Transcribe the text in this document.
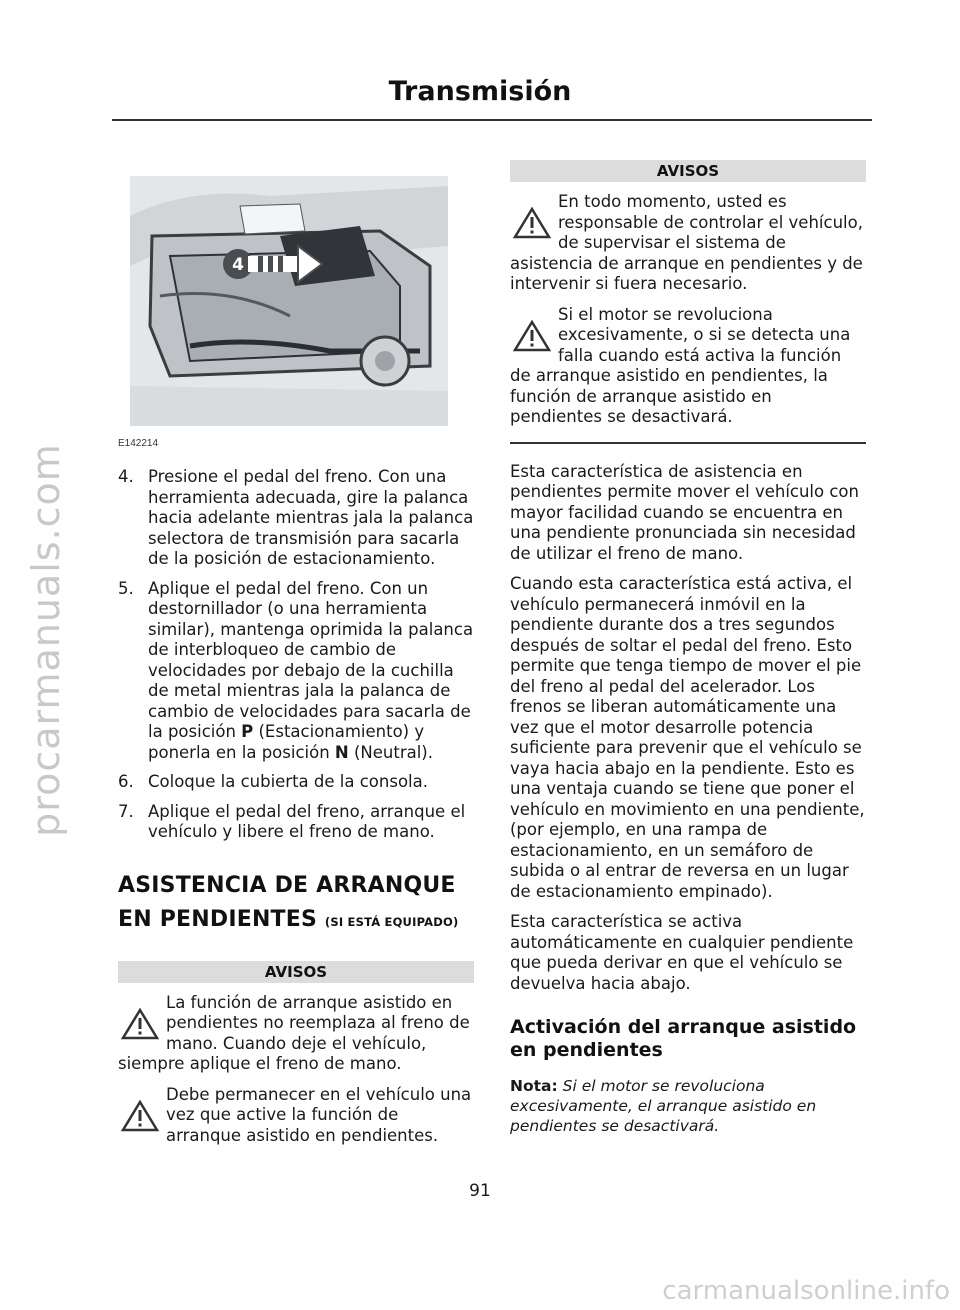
procarmanuals.com
carmanualsonline.info
Transmisión
4
E142214
4. Presione el pedal del freno. Con una herramienta adecuada, gire la palanca hacia adelante mientras jala la palanca selectora de transmisión para sacarla de la posición de estacionamiento.
5. Aplique el pedal del freno. Con un destornillador (o una herramienta similar), mantenga oprimida la palanca de interbloqueo de cambio de velocidades por debajo de la cuchilla de metal mientras jala la palanca de cambio de velocidades para sacarla de la posición P (Estacionamiento) y ponerla en la posición N (Neutral).
6. Coloque la cubierta de la consola.
7. Aplique el pedal del freno, arranque el vehículo y libere el freno de mano.
ASISTENCIA DE ARRANQUE
EN PENDIENTES (SI ESTÁ EQUIPADO)
AVISOS
La función de arranque asistido en pendientes no reemplaza al freno de mano. Cuando deje el vehículo,
siempre aplique el freno de mano.
Debe permanecer en el vehículo una vez que active la función de arranque asistido en pendientes.
AVISOS
En todo momento, usted es responsable de controlar el vehículo, de supervisar el sistema de
asistencia de arranque en pendientes y de intervenir si fuera necesario.
Si el motor se revoluciona excesivamente, o si se detecta una falla cuando está activa la función
de arranque asistido en pendientes, la función de arranque asistido en pendientes se desactivará.
Esta característica de asistencia en pendientes permite mover el vehículo con mayor facilidad cuando se encuentra en una pendiente pronunciada sin necesidad de utilizar el freno de mano.
Cuando esta característica está activa, el vehículo permanecerá inmóvil en la pendiente durante dos a tres segundos después de soltar el pedal del freno. Esto permite que tenga tiempo de mover el pie del freno al pedal del acelerador. Los frenos se liberan automáticamente una vez que el motor desarrolle potencia suficiente para prevenir que el vehículo se vaya hacia abajo en la pendiente. Esto es una ventaja cuando se tiene que poner el vehículo en movimiento en una pendiente, (por ejemplo, en una rampa de estacionamiento, en un semáforo de subida o al entrar de reversa en un lugar de estacionamiento empinado).
Esta característica se activa automáticamente en cualquier pendiente que pueda derivar en que el vehículo se devuelva hacia abajo.
Activación del arranque asistido en pendientes
Nota: Si el motor se revoluciona excesivamente, el arranque asistido en pendientes se desactivará.
91
